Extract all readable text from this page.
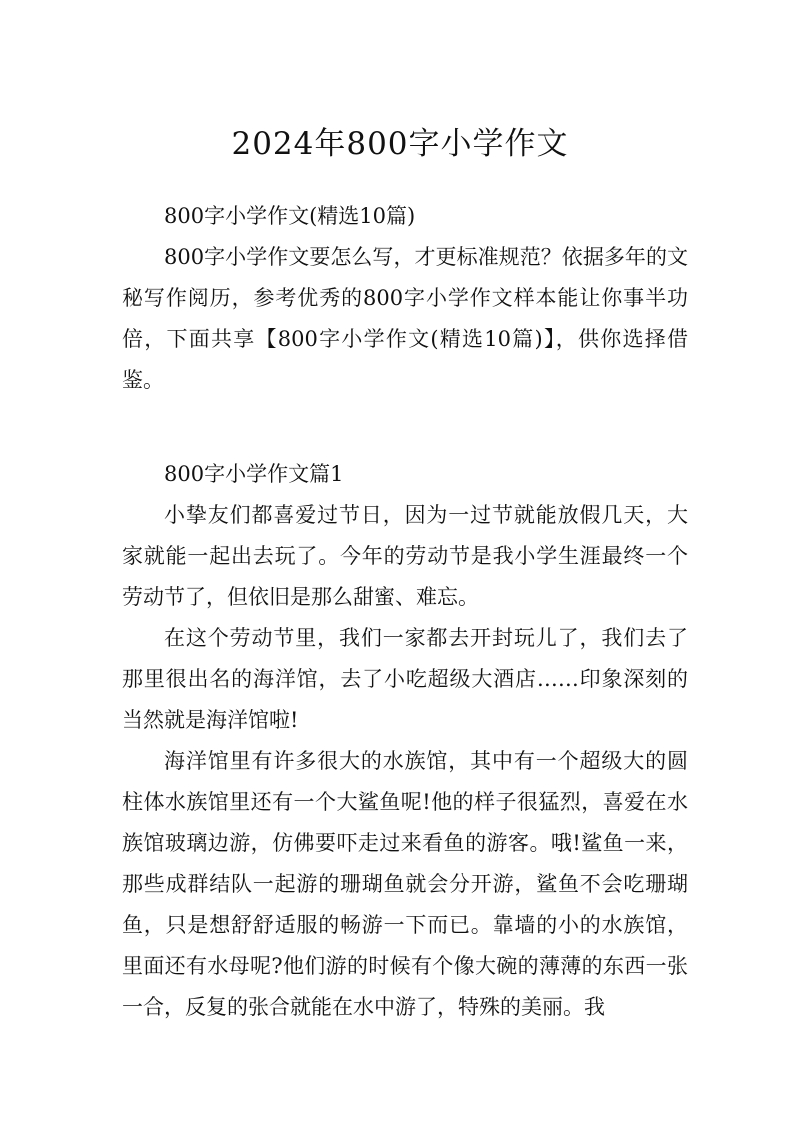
2024年800字小学作文

800字小学作文(精选10篇)

800字小学作文要怎么写，才更标准规范？依据多年的文秘写作阅历，参考优秀的800字小学作文样本能让你事半功倍，下面共享【800字小学作文(精选10篇)】，供你选择借鉴。

800字小学作文篇1

小挚友们都喜爱过节日，因为一过节就能放假几天，大家就能一起出去玩了。今年的劳动节是我小学生涯最终一个劳动节了，但依旧是那么甜蜜、难忘。

在这个劳动节里，我们一家都去开封玩儿了，我们去了那里很出名的海洋馆，去了小吃超级大酒店……印象深刻的当然就是海洋馆啦!

海洋馆里有许多很大的水族馆，其中有一个超级大的圆柱体水族馆里还有一个大鲨鱼呢!他的样子很猛烈，喜爱在水族馆玻璃边游，仿佛要吓走过来看鱼的游客。哦!鲨鱼一来，那些成群结队一起游的珊瑚鱼就会分开游，鲨鱼不会吃珊瑚鱼，只是想舒舒适服的畅游一下而已。靠墙的小的水族馆，里面还有水母呢?他们游的时候有个像大碗的薄薄的东西一张一合，反复的张合就能在水中游了，特殊的美丽。我
